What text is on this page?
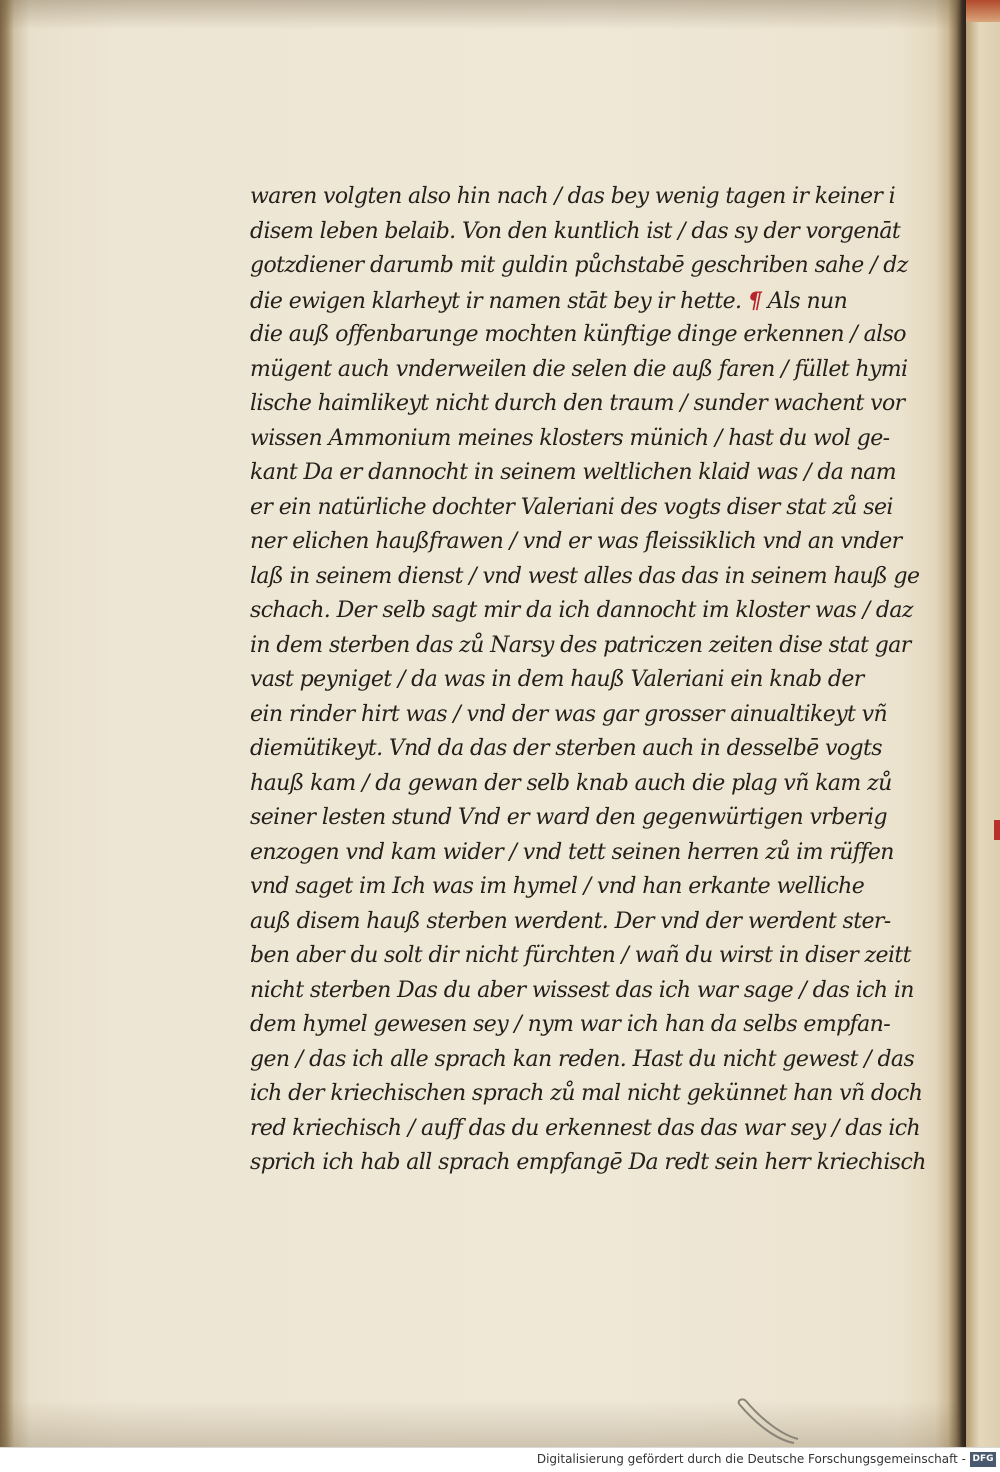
waren volgten also hin nach / das bey wenig tagen ir keiner i
disem leben belaib. Von den kuntlich ist / das sy der vorgenāt
gotzdiener darumb mit guldin půchstabē geschriben sahe / dz
die ewigen klarheyt ir namen stāt bey ir hette. ¶ Als nun
die auß offenbarunge mochten künftige dinge erkennen / also
mügent auch vnderweilen die selen die auß faren / füllet hymi
lische haimlikeyt nicht durch den traum / sunder wachent vor
wissen Ammonium meines klosters münich / hast du wol ge-
kant Da er dannocht in seinem weltlichen klaid was / da nam
er ein natürliche dochter Valeriani des vogts diser stat zů sei
ner elichen haußfrawen / vnd er was fleissiklich vnd an vnder
laß in seinem dienst / vnd west alles das das in seinem hauß ge
schach. Der selb sagt mir da ich dannocht im kloster was / daz
in dem sterben das zů Narsy des patriczen zeiten dise stat gar
vast peyniget / da was in dem hauß Valeriani ein knab der
ein rinder hirt was / vnd der was gar grosser ainualtikeyt vñ
diemütikeyt. Vnd da das der sterben auch in desselbē vogts
hauß kam / da gewan der selb knab auch die plag vñ kam zů
seiner lesten stund Vnd er ward den gegenwürtigen vrberig
enzogen vnd kam wider / vnd tett seinen herren zů im rüffen
vnd saget im Ich was im hymel / vnd han erkante welliche
auß disem hauß sterben werdent. Der vnd der werdent ster-
ben aber du solt dir nicht fürchten / wañ du wirst in diser zeitt
nicht sterben Das du aber wissest das ich war sage / das ich in
dem hymel gewesen sey / nym war ich han da selbs empfan-
gen / das ich alle sprach kan reden. Hast du nicht gewest / das
ich der kriechischen sprach zů mal nicht gekünnet han vñ doch
red kriechisch / auff das du erkennest das das war sey / das ich
sprich ich hab all sprach empfangē Da redt sein herr kriechisch
Digitalisierung gefördert durch die Deutsche Forschungsgemeinschaft - DFG
